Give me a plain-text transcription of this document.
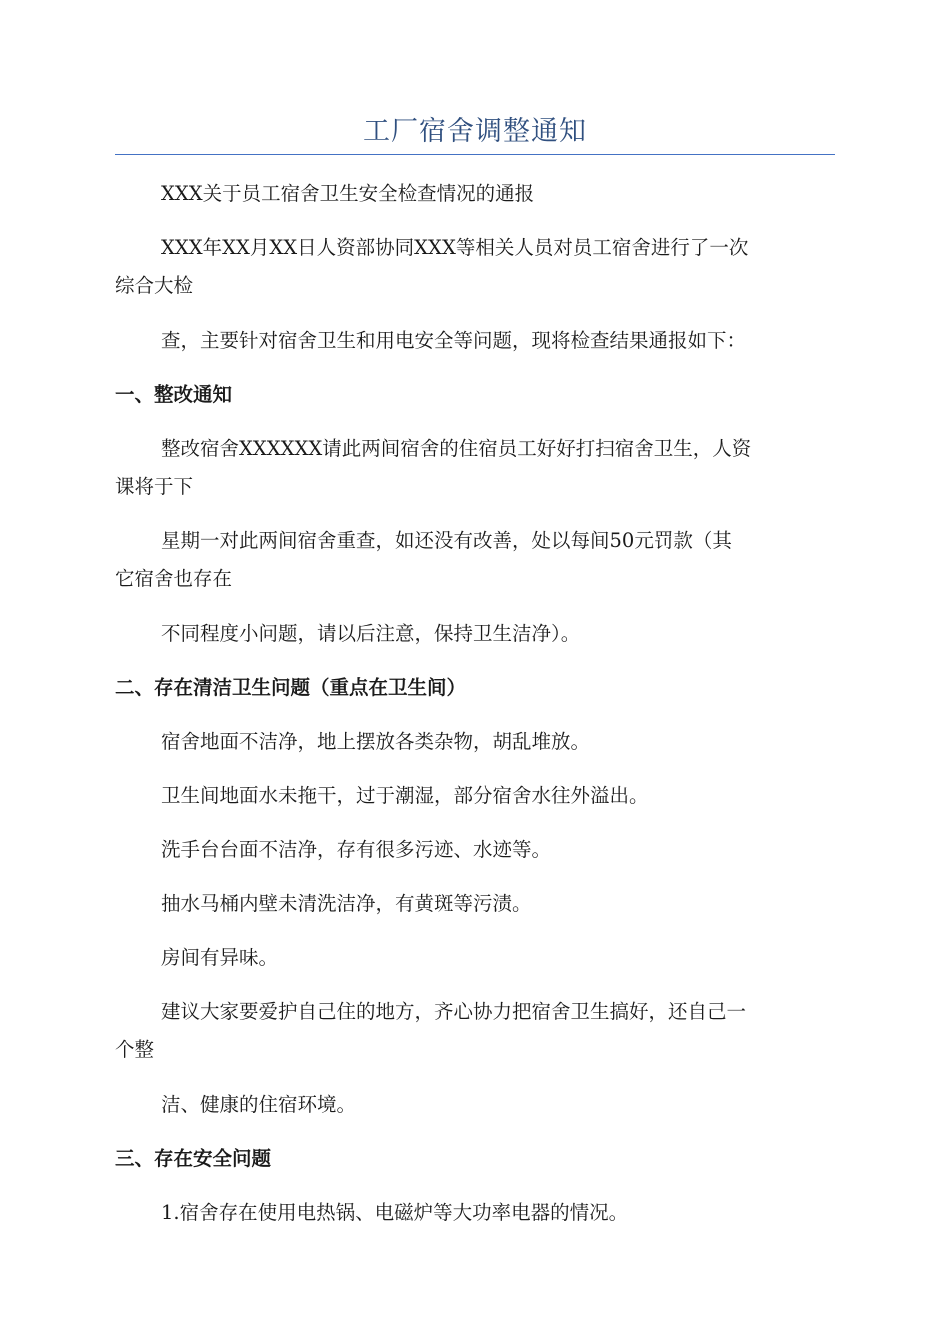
工厂宿舍调整通知
XXX关于员工宿舍卫生安全检查情况的通报
XXX年XX月XX日人资部协同XXX等相关人员对员工宿舍进行了一次
综合大检
查，主要针对宿舍卫生和用电安全等问题，现将检查结果通报如下：
一、整改通知
整改宿舍XXXXXX请此两间宿舍的住宿员工好好打扫宿舍卫生，人资
课将于下
星期一对此两间宿舍重查，如还没有改善，处以每间50元罚款（其
它宿舍也存在
不同程度小问题，请以后注意，保持卫生洁净）。
二、存在清洁卫生问题（重点在卫生间）
宿舍地面不洁净，地上摆放各类杂物，胡乱堆放。
卫生间地面水未拖干，过于潮湿，部分宿舍水往外溢出。
洗手台台面不洁净，存有很多污迹、水迹等。
抽水马桶内壁未清洗洁净，有黄斑等污渍。
房间有异味。
建议大家要爱护自己住的地方，齐心协力把宿舍卫生搞好，还自己一
个整
洁、健康的住宿环境。
三、存在安全问题
1.宿舍存在使用电热锅、电磁炉等大功率电器的情况。
